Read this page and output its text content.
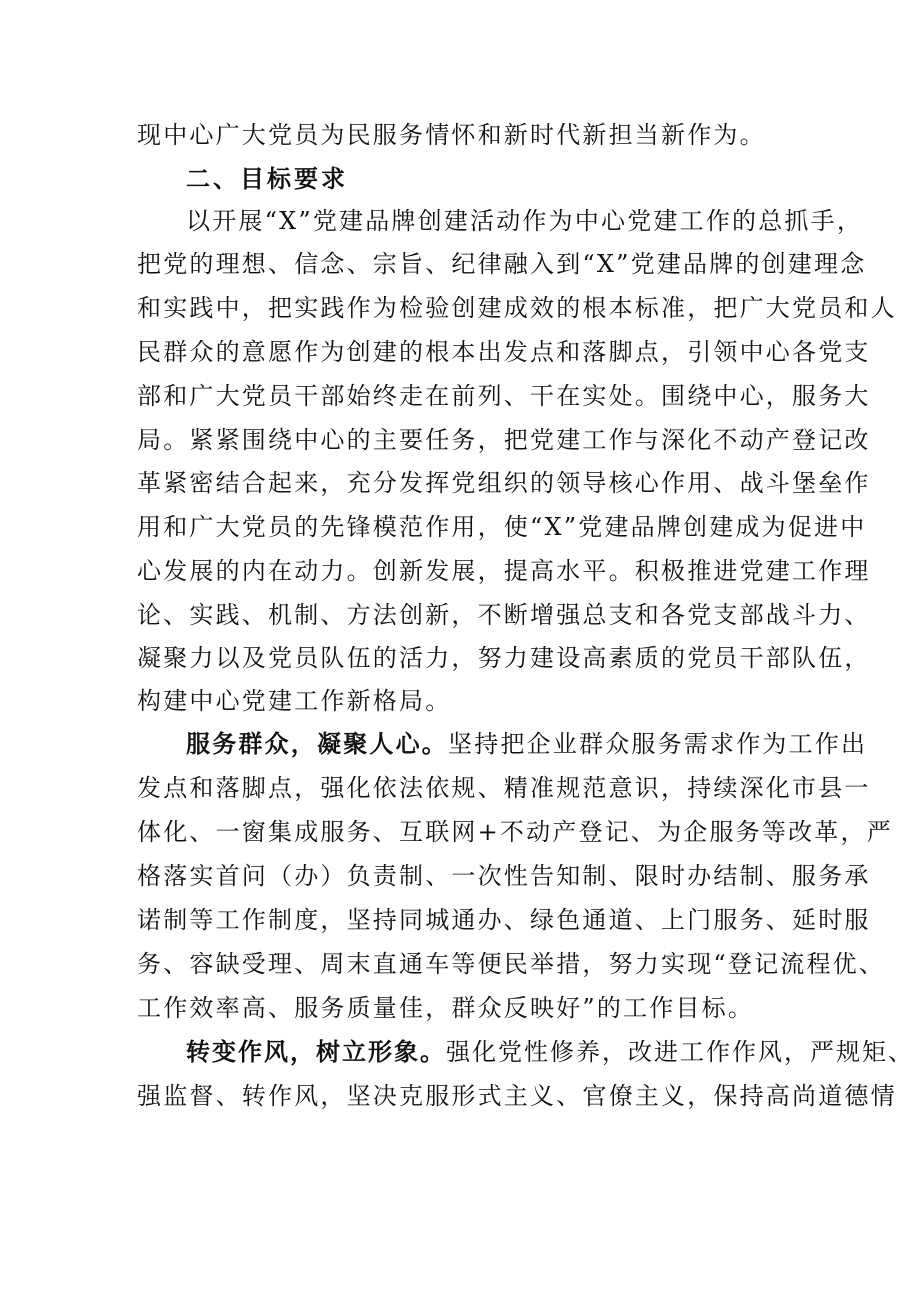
现中心广大党员为民服务情怀和新时代新担当新作为。
二、目标要求
以开展“X”党建品牌创建活动作为中心党建工作的总抓手，
把党的理想、信念、宗旨、纪律融入到“X”党建品牌的创建理念
和实践中，把实践作为检验创建成效的根本标准，把广大党员和人
民群众的意愿作为创建的根本出发点和落脚点，引领中心各党支
部和广大党员干部始终走在前列、干在实处。围绕中心，服务大
局。紧紧围绕中心的主要任务，把党建工作与深化不动产登记改
革紧密结合起来，充分发挥党组织的领导核心作用、战斗堡垒作
用和广大党员的先锋模范作用，使“X”党建品牌创建成为促进中
心发展的内在动力。创新发展，提高水平。积极推进党建工作理
论、实践、机制、方法创新，不断增强总支和各党支部战斗力、
凝聚力以及党员队伍的活力，努力建设高素质的党员干部队伍，
构建中心党建工作新格局。
服务群众，凝聚人心。坚持把企业群众服务需求作为工作出
发点和落脚点，强化依法依规、精准规范意识，持续深化市县一
体化、一窗集成服务、互联网+不动产登记、为企服务等改革，严
格落实首问（办）负责制、一次性告知制、限时办结制、服务承
诺制等工作制度，坚持同城通办、绿色通道、上门服务、延时服
务、容缺受理、周末直通车等便民举措，努力实现“登记流程优、
工作效率高、服务质量佳，群众反映好”的工作目标。
转变作风，树立形象。强化党性修养，改进工作作风，严规矩、
强监督、转作风，坚决克服形式主义、官僚主义，保持高尚道德情
